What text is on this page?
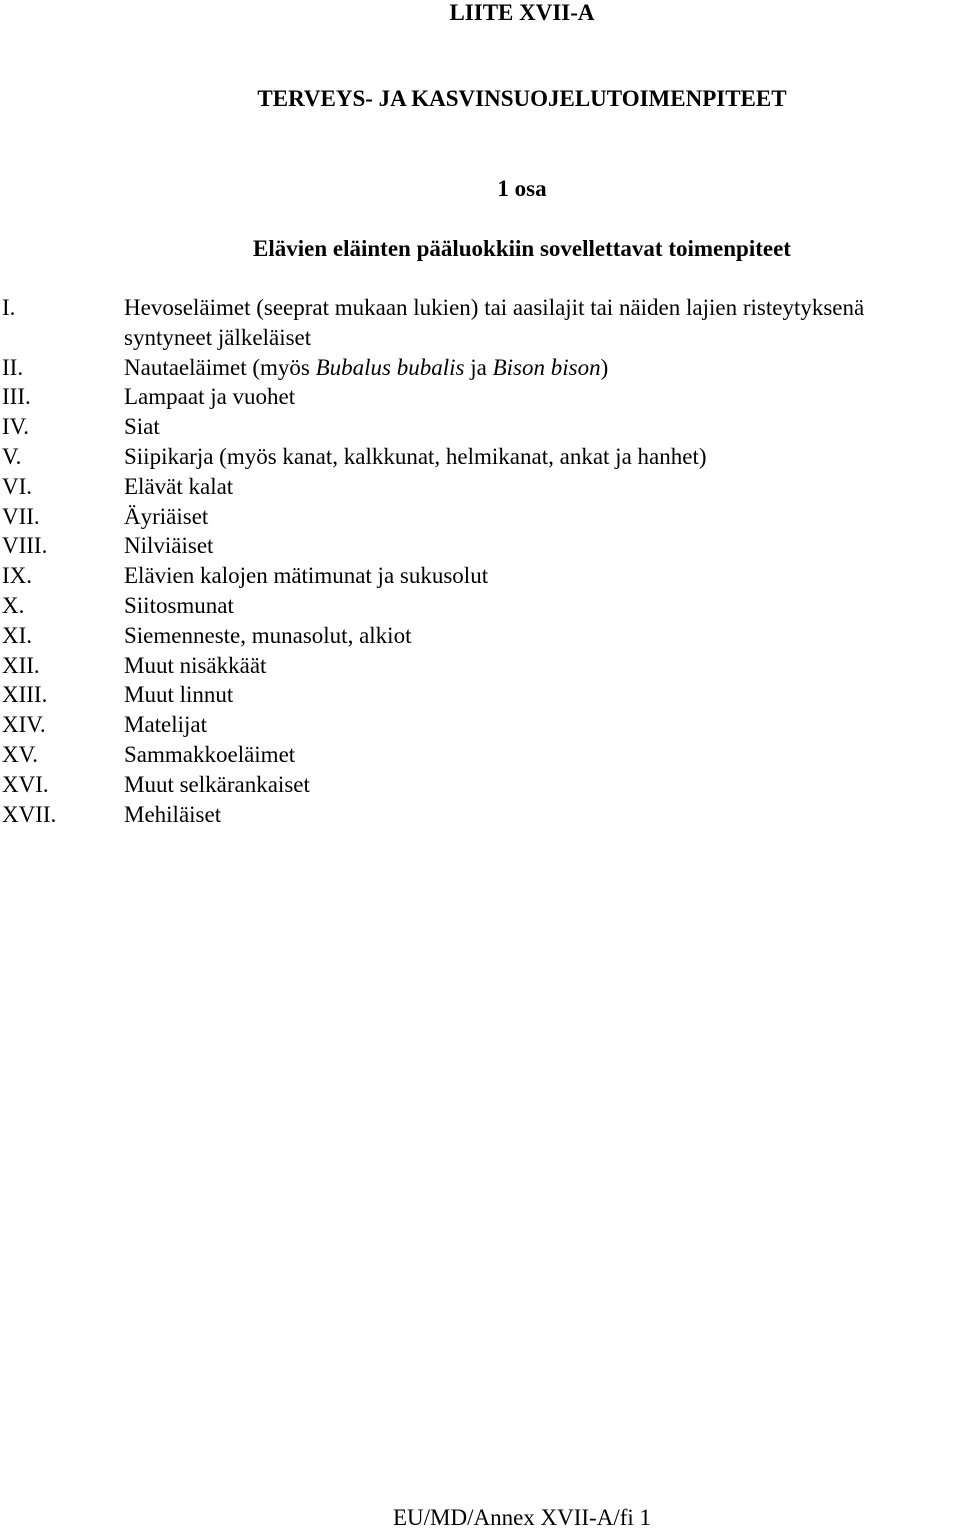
LIITE XVII-A
TERVEYS- JA KASVINSUOJELUTOIMENPITEET
1 osa
Elävien eläinten pääluokkiin sovellettavat toimenpiteet
I.	Hevoseläimet (seeprat mukaan lukien) tai aasilajit tai näiden lajien risteytyksenä syntyneet jälkeläiset
II.	Nautaeläimet (myös Bubalus bubalis ja Bison bison)
III.	Lampaat ja vuohet
IV.	Siat
V.	Siipikarja (myös kanat, kalkkunat, helmikanat, ankat ja hanhet)
VI.	Elävät kalat
VII.	Äyriäiset
VIII.	Nilviäiset
IX.	Elävien kalojen mätimunat ja sukusolut
X.	Siitosmunat
XI.	Siemenneste, munasolut, alkiot
XII.	Muut nisäkkäät
XIII.	Muut linnut
XIV.	Matelijat
XV.	Sammakkoeläimet
XVI.	Muut selkärankaiset
XVII.	Mehiläiset
EU/MD/Annex XVII-A/fi 1
